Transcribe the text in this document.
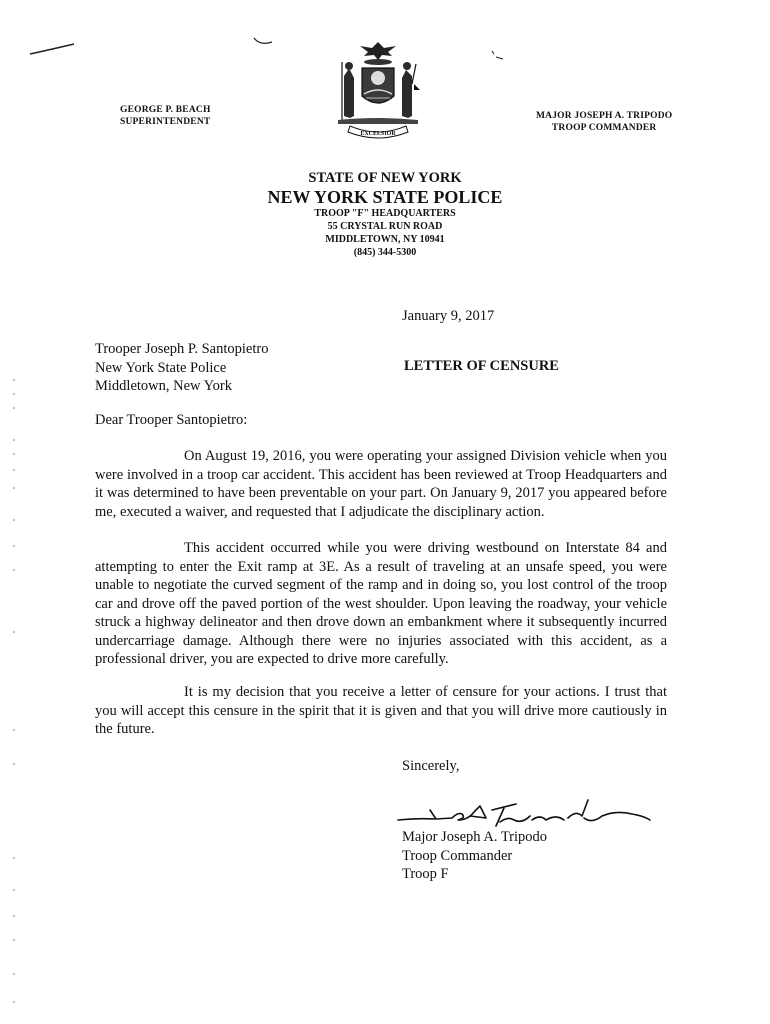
GEORGE P. BEACH
SUPERINTENDENT
EXCELSIOR
MAJOR JOSEPH A. TRIPODO
TROOP COMMANDER
STATE OF NEW YORK
NEW YORK STATE POLICE
TROOP "F" HEADQUARTERS
55 CRYSTAL RUN ROAD
MIDDLETOWN, NY 10941
(845) 344-5300
January 9, 2017
Trooper Joseph P. Santopietro
New York State Police
Middletown, New York
LETTER OF CENSURE
Dear Trooper Santopietro:

On August 19, 2016, you were operating your assigned Division vehicle when you were involved in a troop car accident. This accident has been reviewed at Troop Headquarters and it was determined to have been preventable on your part. On January 9, 2017 you appeared before me, executed a waiver, and requested that I adjudicate the disciplinary action.

This accident occurred while you were driving westbound on Interstate 84 and attempting to enter the Exit ramp at 3E. As a result of traveling at an unsafe speed, you were unable to negotiate the curved segment of the ramp and in doing so, you lost control of the troop car and drove off the paved portion of the west shoulder. Upon leaving the roadway, your vehicle struck a highway delineator and then drove down an embankment where it subsequently incurred undercarriage damage. Although there were no injuries associated with this accident, as a professional driver, you are expected to drive more carefully.

It is my decision that you receive a letter of censure for your actions. I trust that you will accept this censure in the spirit that it is given and that you will drive more cautiously in the future.

Sincerely,
Major Joseph A. Tripodo
Troop Commander
Troop F
